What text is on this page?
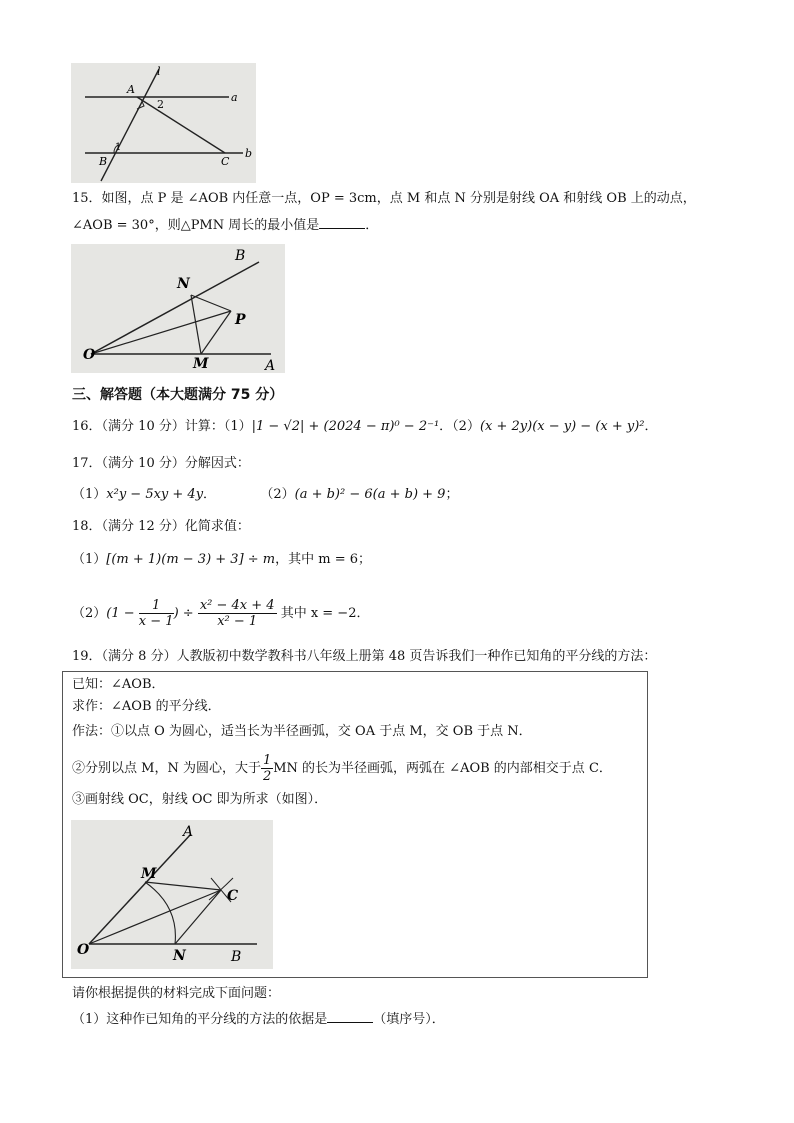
l
A
a
2
1
B	C
b
15．如图，点 P 是 ∠AOB 内任意一点，OP = 3cm，点 M 和点 N 分别是射线 OA 和射线 OB 上的动点，
∠AOB = 30°，则△PMN 周长的最小值是	．
B
N
P
O
M	A
三、解答题（本大题满分 75 分）
16．（满分 10 分）计算：（1）|1 − √2| + (2024 − π)⁰ − 2⁻¹．（2）(x + 2y)(x − y) − (x + y)²．
17．（满分 10 分）分解因式：
（1）x²y − 5xy + 4y．	（2）(a + b)² − 6(a + b) + 9；
18．（满分 12 分）化简求值：
（1）[(m + 1)(m − 3) + 3] ÷ m，其中 m = 6；
$(2)(1 - \frac{1}{x - 1}$ ) ÷ $\frac{\text{x² − 4x + 4}}{\text{x² − 1}}$ 其中 x = −2．
19．（满分 8 分）人教版初中数学教科书八年级上册第 48 页告诉我们一种作已知角的平分线的方法：
已知：∠AOB．
求作：∠AOB 的平分线．
作法：①以点 O 为圆心，适当长为半径画弧，交 OA 于点 M，交 OB 于点 N．
②分别以点 M，N 为圆心，大于 $\frac{1}{2}$ MN 的长为半径画弧，两弧在 ∠AOB 的内部相交于点 C．
③画射线 OC，射线 OC 即为所求（如图）．
A
M
C
O	N	B
请你根据提供的材料完成下面问题：
（1）这种作已知角的平分线的方法的依据是	（填序号）．
